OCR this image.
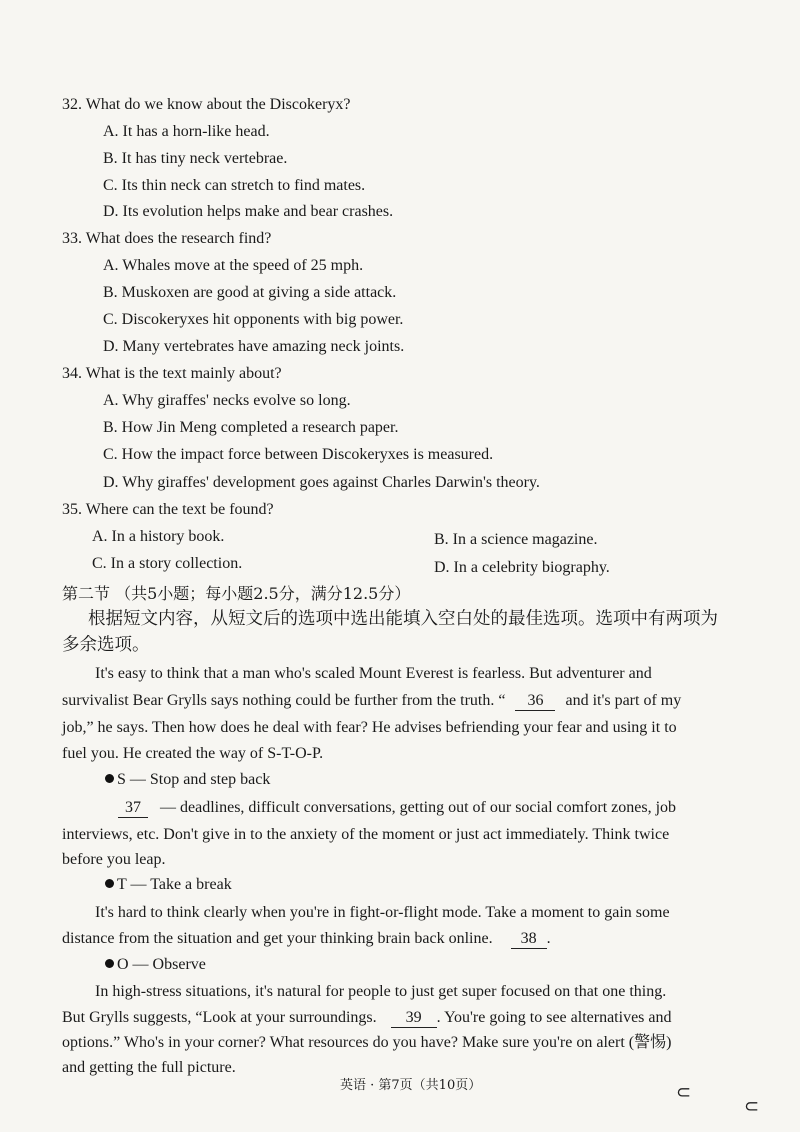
32. What do we know about the Discokeryx?
A. It has a horn-like head.
B. It has tiny neck vertebrae.
C. Its thin neck can stretch to find mates.
D. Its evolution helps make and bear crashes.
33. What does the research find?
A. Whales move at the speed of 25 mph.
B. Muskoxen are good at giving a side attack.
C. Discokeryxes hit opponents with big power.
D. Many vertebrates have amazing neck joints.
34. What is the text mainly about?
A. Why giraffes' necks evolve so long.
B. How Jin Meng completed a research paper.
C. How the impact force between Discokeryxes is measured.
D. Why giraffes' development goes against Charles Darwin's theory.
35. Where can the text be found?
A. In a history book.	B. In a science magazine.
C. In a story collection.	D. In a celebrity biography.
第二节 （共5小题；每小题2.5分，满分12.5分）
根据短文内容，从短文后的选项中选出能填入空白处的最佳选项。选项中有两项为
多余选项。
It's easy to think that a man who's scaled Mount Everest is fearless. But adventurer and
survivalist Bear Grylls says nothing could be further from the truth. “ 36 and it's part of my
job,” he says. Then how does he deal with fear? He advises befriending your fear and using it to
fuel you. He created the way of S-T-O-P.
S — Stop and step back
37 — deadlines, difficult conversations, getting out of our social comfort zones, job
interviews, etc. Don't give in to the anxiety of the moment or just act immediately. Think twice
before you leap.
T — Take a break
It's hard to think clearly when you're in fight-or-flight mode. Take a moment to gain some
distance from the situation and get your thinking brain back online. 38 .
O — Observe
In high-stress situations, it's natural for people to just get super focused on that one thing.
But Grylls suggests, “Look at your surroundings. 39 . You're going to see alternatives and
options.” Who's in your corner? What resources do you have? Make sure you're on alert (警惕)
and getting the full picture.
英语 · 第7页（共10页）	⊂
⊂
